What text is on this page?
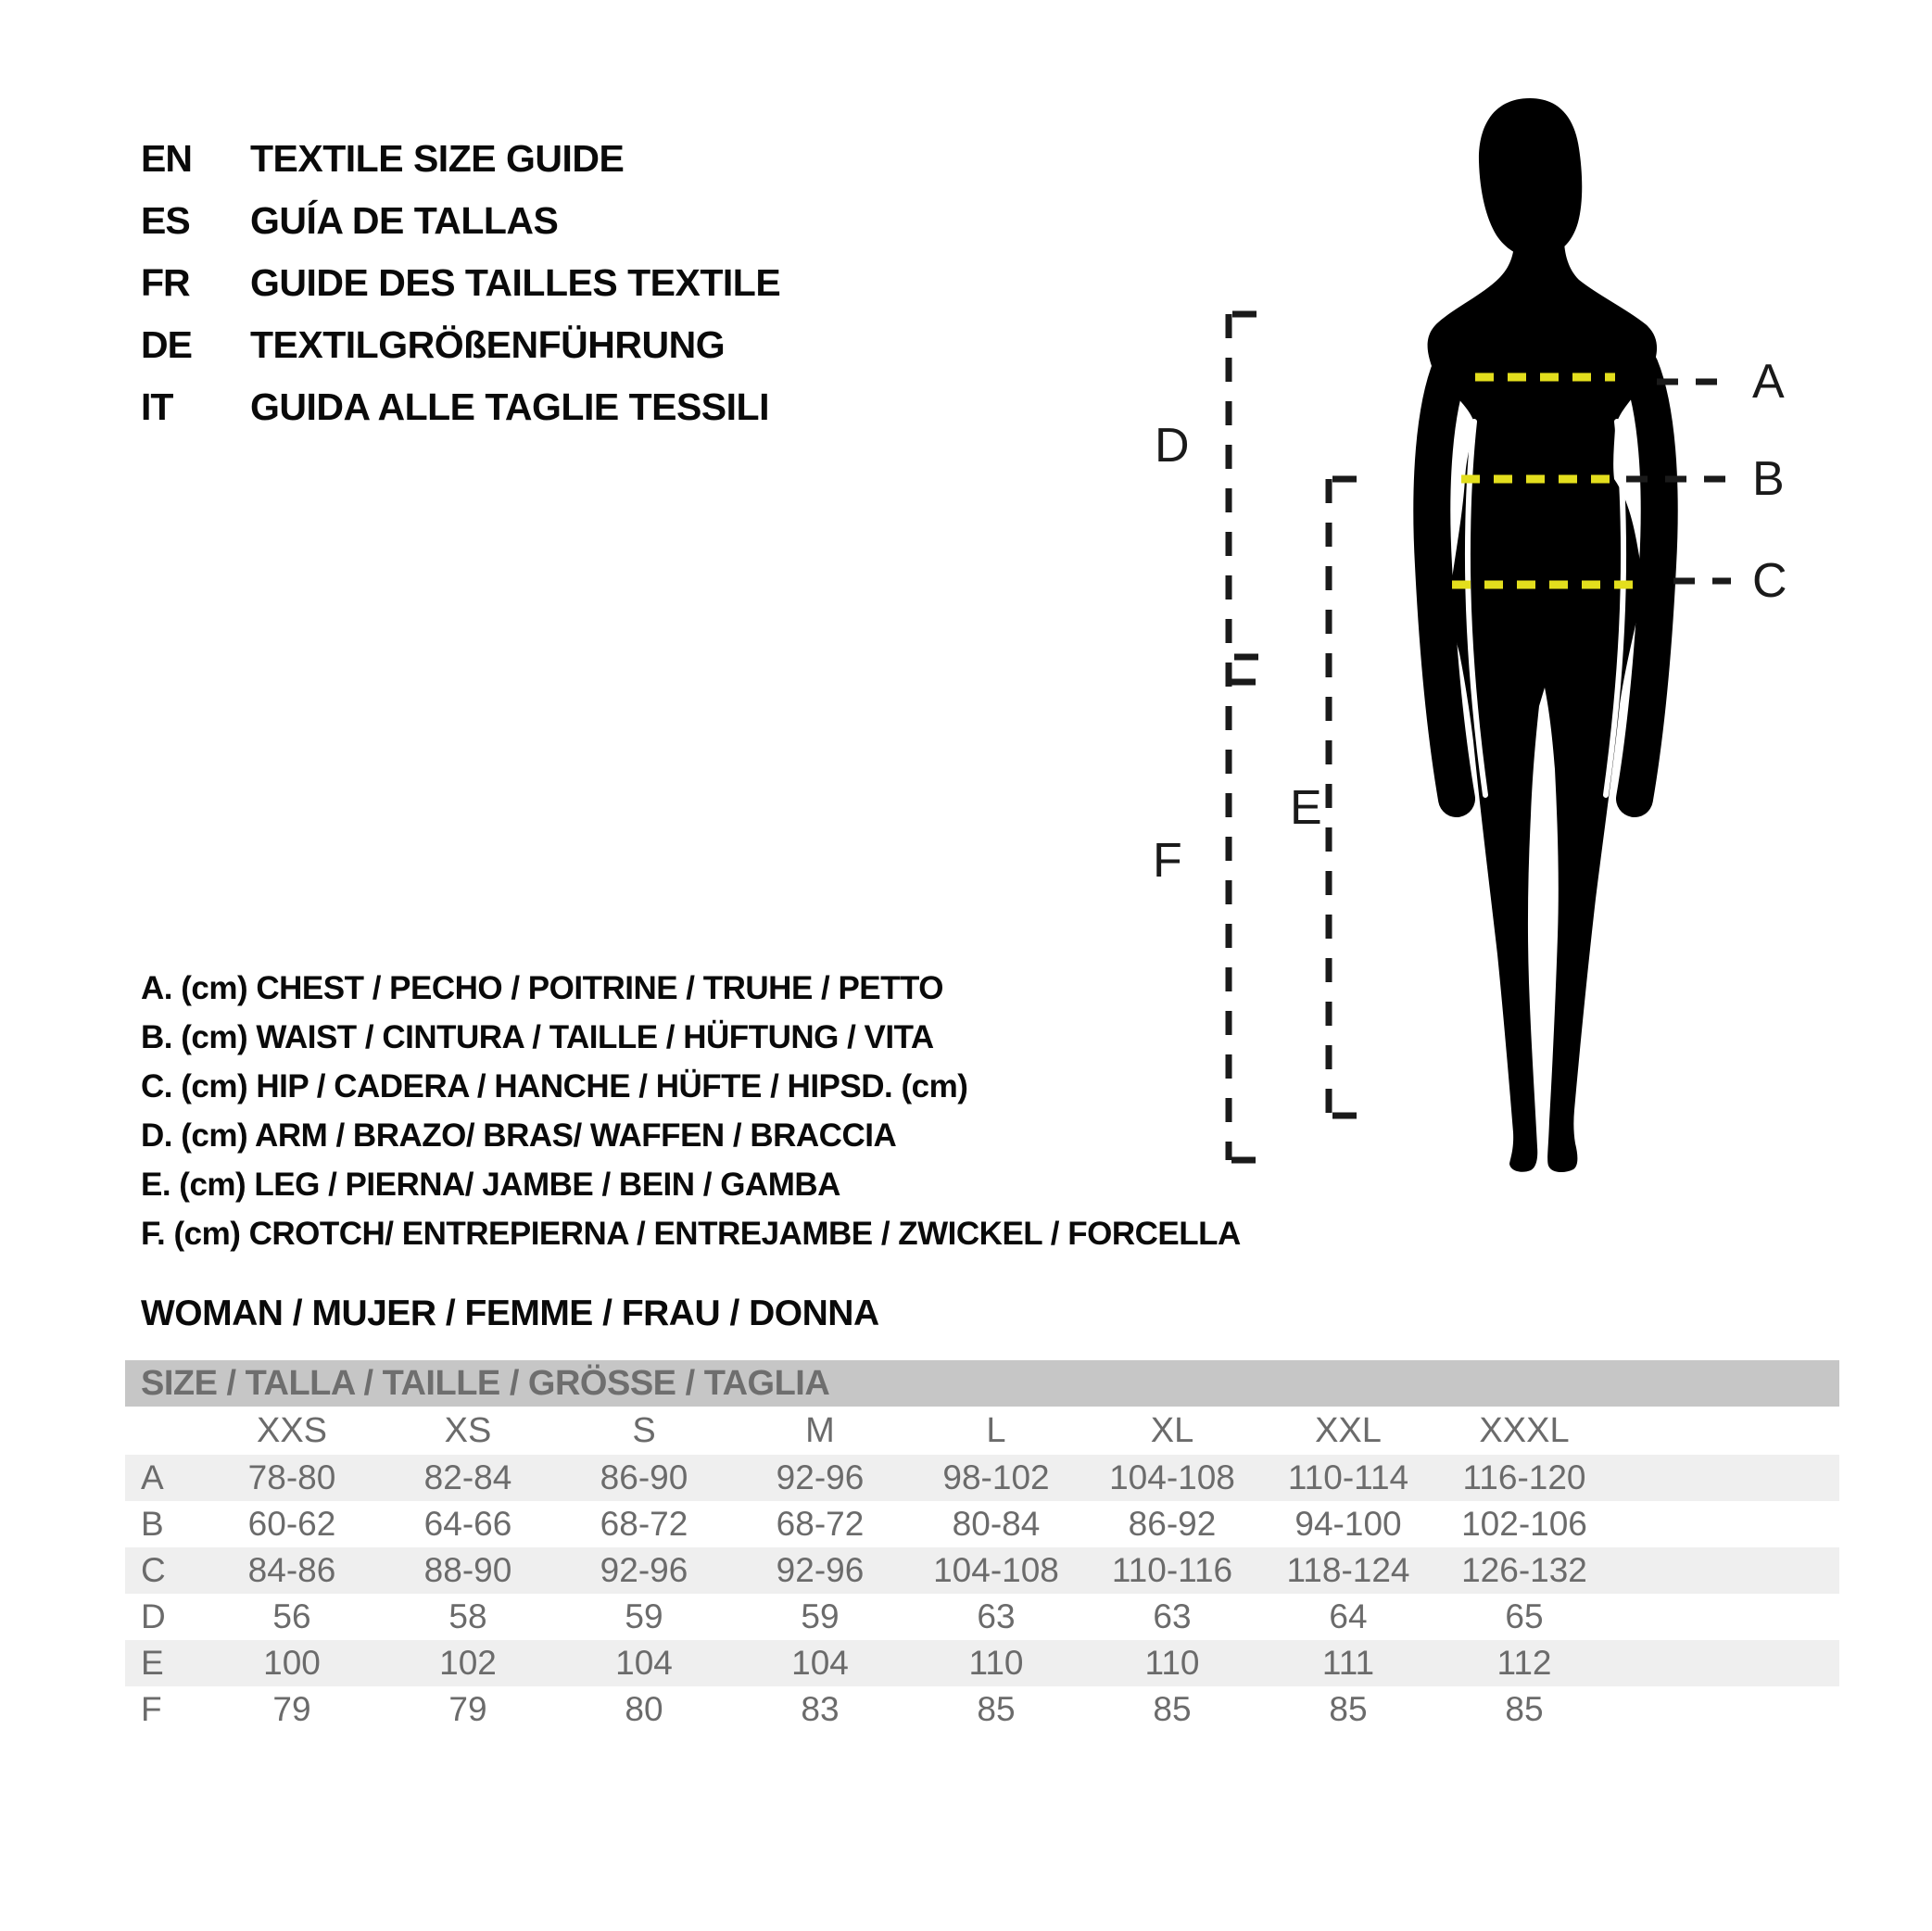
A
B
C
D
E
F
EN	TEXTILE SIZE GUIDE
ES	GUÍA DE TALLAS
FR	GUIDE DES TAILLES TEXTILE
DE	TEXTILGRÖßENFÜHRUNG
IT	GUIDA ALLE TAGLIE TESSILI
A. (cm) CHEST / PECHO / POITRINE / TRUHE / PETTO
B. (cm) WAIST / CINTURA / TAILLE / HÜFTUNG / VITA
C. (cm) HIP / CADERA / HANCHE / HÜFTE / HIPSD. (cm)
D. (cm) ARM / BRAZO/ BRAS/ WAFFEN / BRACCIA
E. (cm) LEG / PIERNA/ JAMBE / BEIN / GAMBA
F. (cm) CROTCH/ ENTREPIERNA / ENTREJAMBE / ZWICKEL / FORCELLA
WOMAN / MUJER / FEMME / FRAU / DONNA
SIZE / TALLA / TAILLE / GRÖSSE / TAGLIA
XXS	XS	S	M	L	XL	XXL	XXXL
A	78-80	82-84	86-90	92-96	98-102	104-108	110-114	116-120
B	60-62	64-66	68-72	68-72	80-84	86-92	94-100	102-106
C	84-86	88-90	92-96	92-96	104-108	110-116	118-124	126-132
D	56	58	59	59	63	63	64	65
E	100	102	104	104	110	110	111	112
F	79	79	80	83	85	85	85	85
